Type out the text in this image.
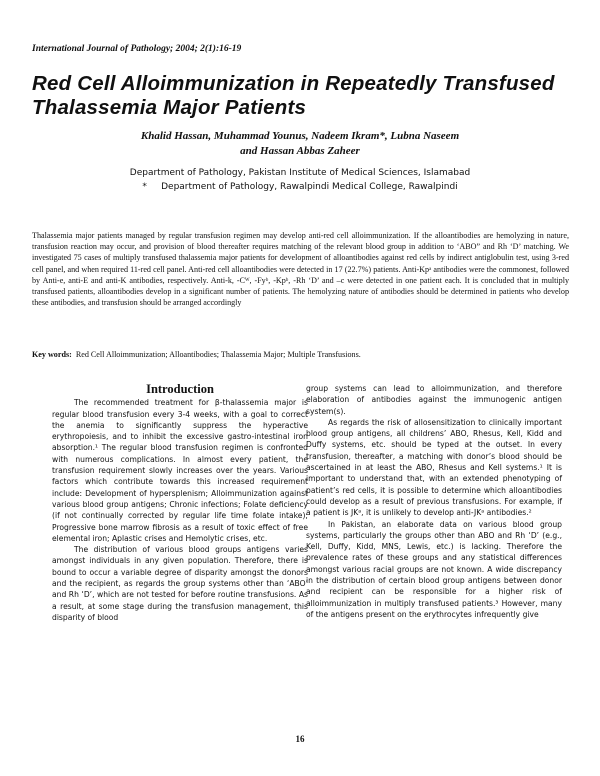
International Journal of Pathology; 2004; 2(1):16-19
Red Cell Alloimmunization in Repeatedly Transfused Thalassemia Major Patients
Khalid Hassan, Muhammad Younus, Nadeem Ikram*, Lubna Naseem
and Hassan Abbas Zaheer
Department of Pathology, Pakistan Institute of Medical Sciences, Islamabad
*     Department of Pathology, Rawalpindi Medical College, Rawalpindi
Thalassemia major patients managed by regular transfusion regimen may develop anti-red cell alloimmunization. If the alloantibodies are hemolyzing in nature, transfusion reaction may occur, and provision of blood thereafter requires matching of the relevant blood group in addition to ‘ABO” and Rh ‘D’ matching. We investigated 75 cases of multiply transfused thalassemia major patients for development of alloantibodies against red cells by indirect antiglobulin test, using 3-red cell panel, and when required 11-red cell panel. Anti-red cell alloantibodies were detected in 17 (22.7%) patients. Anti-Kpᵃ antibodies were the commonest, followed by Anti-e, anti-E and anti-K antibodies, respectively. Anti-k, -Cᵂ, -Fyᵇ, -Kpᵇ, -Rh ‘D’ and –c were detected in one patient each. It is concluded that in multiply transfused patients, alloantibodies develop in a significant number of patients. The hemolyzing nature of antibodies should be determined in patients who develop these antibodies, and transfusion should be arranged accordingly
Key words: Red Cell Alloimmunization; Alloantibodies; Thalassemia Major; Multiple Transfusions.
Introduction

The recommended treatment for β-thalassemia major is regular blood transfusion every 3-4 weeks, with a goal to correct the anemia to significantly suppress the hyperactive erythropoiesis, and to inhibit the excessive gastro-intestinal iron absorption.¹ The regular blood transfusion regimen is confronted with numerous complications. In almost every patient, the transfusion requirement slowly increases over the years. Various factors which contribute towards this increased requirement include: Development of hypersplenism; Alloimmunization against various blood group antigens; Chronic infections; Folate deficiency (if not continually corrected by regular life time folate intake); Progressive bone marrow fibrosis as a result of toxic effect of free elemental iron; Aplastic crises and Hemolytic crises, etc.

The distribution of various blood groups antigens varies amongst individuals in any given population. Therefore, there is bound to occur a variable degree of disparity amongst the donors and the recipient, as regards the group systems other than ‘ABO’ and Rh ‘D’, which are not tested for before routine transfusions. As a result, at some stage during the transfusion management, this disparity of blood

group systems can lead to alloimmunization, and therefore elaboration of antibodies against the immunogenic antigen system(s).

As regards the risk of allosensitization to clinically important blood group antigens, all childrens’ ABO, Rhesus, Kell, Kidd and Duffy systems, etc. should be typed at the outset. In every transfusion, thereafter, a matching with donor’s blood should be ascertained in at least the ABO, Rhesus and Kell systems.¹ It is important to understand that, with an extended phenotyping of patient’s red cells, it is possible to determine which alloantibodies could develop as a result of previous transfusions. For example, if a patient is JKᵃ, it is unlikely to develop anti-JKᵃ antibodies.²

In Pakistan, an elaborate data on various blood group systems, particularly the groups other than ABO and Rh ‘D’ (e.g., Kell, Duffy, Kidd, MNS, Lewis, etc.) is lacking. Therefore the prevalence rates of these groups and any statistical differences amongst various racial groups are not known. A wide discrepancy in the distribution of certain blood group antigens between donor and recipient can be responsible for a higher risk of alloimmunization in multiply transfused patients.³ However, many of the antigens present on the erythrocytes infrequently give

16
